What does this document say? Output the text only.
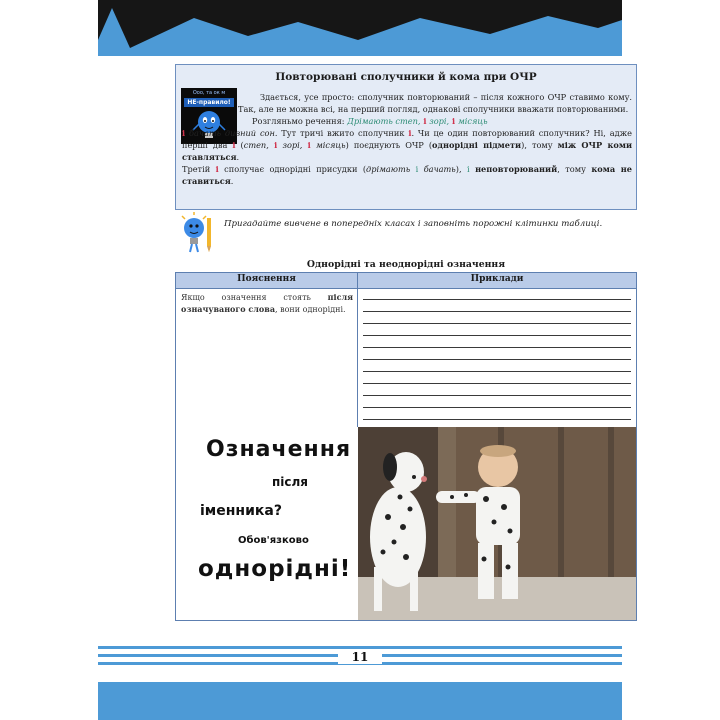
Повторювані сполучники й кома при ОЧР
Ооо, та ок м
НЕ-правило!
Здається, усе просто: сполучник повторюваний – після кожного ОЧР ставимо кому. Так, але не можна всі, на перший погляд, однакові сполучники вважати повторюваними.
Розгляньмо речення: Дрімають степ, і зорі, і місяць
і бачать дивний сон. Тут тричі вжито сполучник і. Чи це один повторюваний сполучник? Ні, адже перші два і (степ, і зорі, і місяць) поєднують ОЧР (однорідні підмети), тому між ОЧР коми ставляться.
Третій і сполучає однорідні присудки (дрімають і бачать), і неповторюваний, тому кома не ставиться.
Пригадайте вивчене в попередніх класах і заповніть порожні клітинки таблиці.
Однорідні та неоднорідні означення
Пояснення	Приклади
Якщо означення стоять після означуваного слова, вони однорідні.
Означення
після
іменника?
Обов'язково
однорідні!
11
